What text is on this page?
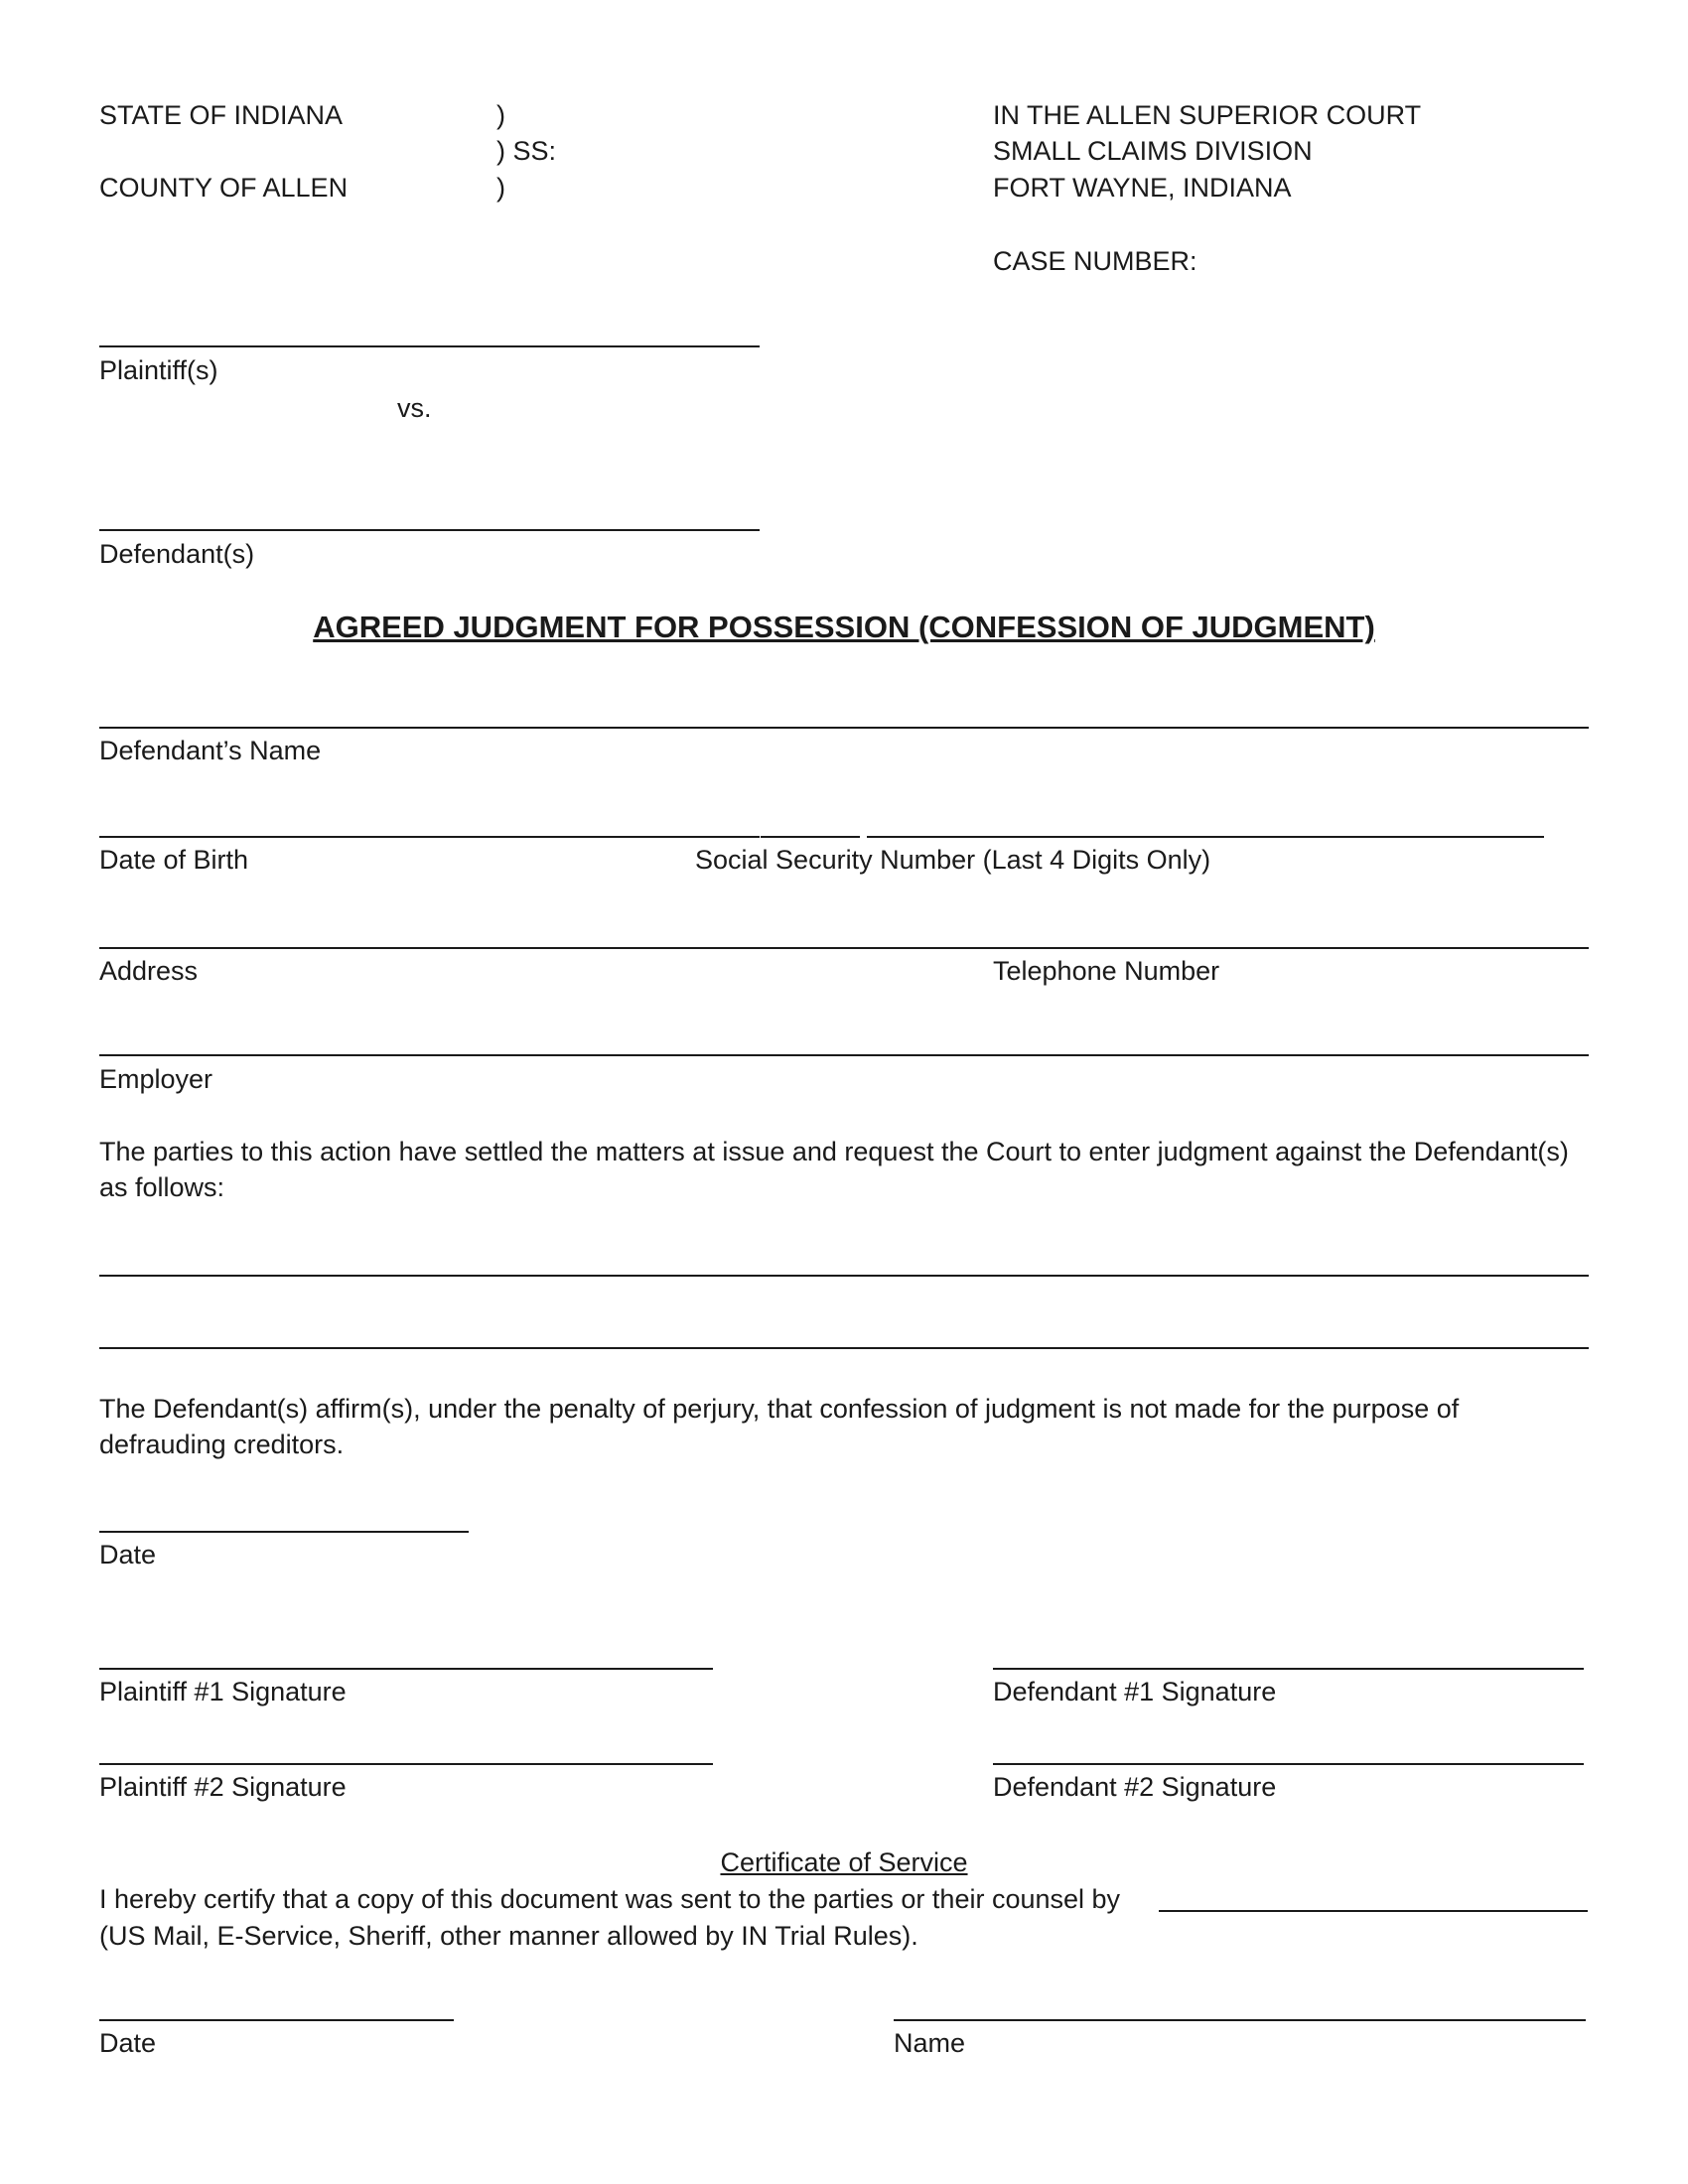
STATE OF INDIANA	)
) SS:
COUNTY OF ALLEN	)
IN THE ALLEN SUPERIOR COURT
SMALL CLAIMS DIVISION
FORT WAYNE, INDIANA
CASE NUMBER:
Plaintiff(s)
vs.
Defendant(s)
AGREED JUDGMENT FOR POSSESSION (CONFESSION OF JUDGMENT)
Defendant’s Name
Date of Birth	Social Security Number (Last 4 Digits Only)
Address	Telephone Number
Employer
The parties to this action have settled the matters at issue and request the Court to enter judgment against the Defendant(s) as follows:
The Defendant(s) affirm(s), under the penalty of perjury, that confession of judgment is not made for the purpose of defrauding creditors.
Date
Plaintiff #1 Signature	Defendant #1 Signature
Plaintiff #2 Signature	Defendant #2 Signature
Certificate of Service
I hereby certify that a copy of this document was sent to the parties or their counsel by
(US Mail, E-Service, Sheriff, other manner allowed by IN Trial Rules).
Date	Name
